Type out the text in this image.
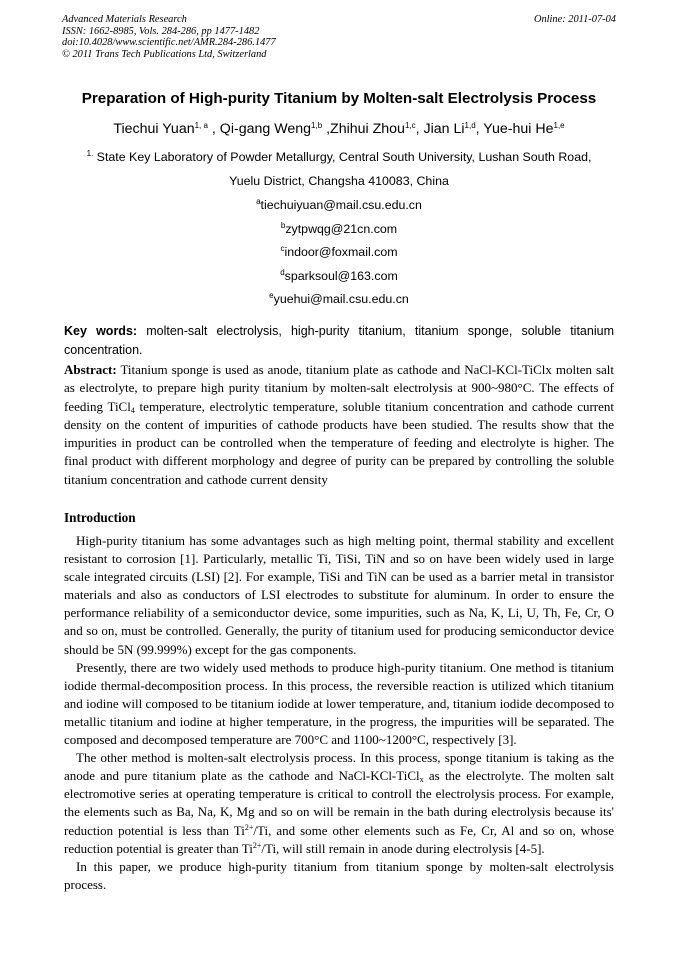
Advanced Materials Research
ISSN: 1662-8985, Vols. 284-286, pp 1477-1482
doi:10.4028/www.scientific.net/AMR.284-286.1477
© 2011 Trans Tech Publications Ltd, Switzerland
Online: 2011-07-04
Preparation of High-purity Titanium by Molten-salt Electrolysis Process
Tiechui Yuan$^{1, a}$ , Qi-gang Weng$^{1,b}$ ,Zhihui Zhou$^{1,c}$, Jian Li$^{1,d}$, Yue-hui He$^{1,e}$
$^{1.}$ State Key Laboratory of Powder Metallurgy, Central South University, Lushan South Road,
Yuelu District, Changsha 410083, China
$^a$tiechuiyuan@mail.csu.edu.cn
$^b$zytpwqg@21cn.com
$^c$indoor@foxmail.com
$^d$sparksoul@163.com
$^e$yuehui@mail.csu.edu.cn
Key words: molten-salt electrolysis, high-purity titanium, titanium sponge, soluble titanium concentration.
Abstract: Titanium sponge is used as anode, titanium plate as cathode and NaCl-KCl-TiClx molten salt as electrolyte, to prepare high purity titanium by molten-salt electrolysis at 900~980°C. The effects of feeding TiCl$_4$ temperature, electrolytic temperature, soluble titanium concentration and cathode current density on the content of impurities of cathode products have been studied. The results show that the impurities in product can be controlled when the temperature of feeding and electrolyte is higher. The final product with different morphology and degree of purity can be prepared by controlling the soluble titanium concentration and cathode current density
Introduction

High-purity titanium has some advantages such as high melting point, thermal stability and excellent resistant to corrosion [1]. Particularly, metallic Ti, TiSi, TiN and so on have been widely used in large scale integrated circuits (LSI) [2]. For example, TiSi and TiN can be used as a barrier metal in transistor materials and also as conductors of LSI electrodes to substitute for aluminum. In order to ensure the performance reliability of a semiconductor device, some impurities, such as Na, K, Li, U, Th, Fe, Cr, O and so on, must be controlled. Generally, the purity of titanium used for producing semiconductor device should be 5N (99.999%) except for the gas components.

Presently, there are two widely used methods to produce high-purity titanium. One method is titanium iodide thermal-decomposition process. In this process, the reversible reaction is utilized which titanium and iodine will composed to be titanium iodide at lower temperature, and, titanium iodide decomposed to metallic titanium and iodine at higher temperature, in the progress, the impurities will be separated. The composed and decomposed temperature are 700°C and 1100~1200°C, respectively [3].

The other method is molten-salt electrolysis process. In this process, sponge titanium is taking as the anode and pure titanium plate as the cathode and NaCl-KCl-TiCl$_x$ as the electrolyte. The molten salt electromotive series at operating temperature is critical to controll the electrolysis process. For example, the elements such as Ba, Na, K, Mg and so on will be remain in the bath during electrolysis because its' reduction potential is less than $Ti^{2+}/Ti$, and some other elements such as Fe, Cr, Al and so on, whose reduction potential is greater than $Ti^{2+}/Ti$, will still remain in anode during electrolysis [4-5].

In this paper, we produce high-purity titanium from titanium sponge by molten-salt electrolysis process.
